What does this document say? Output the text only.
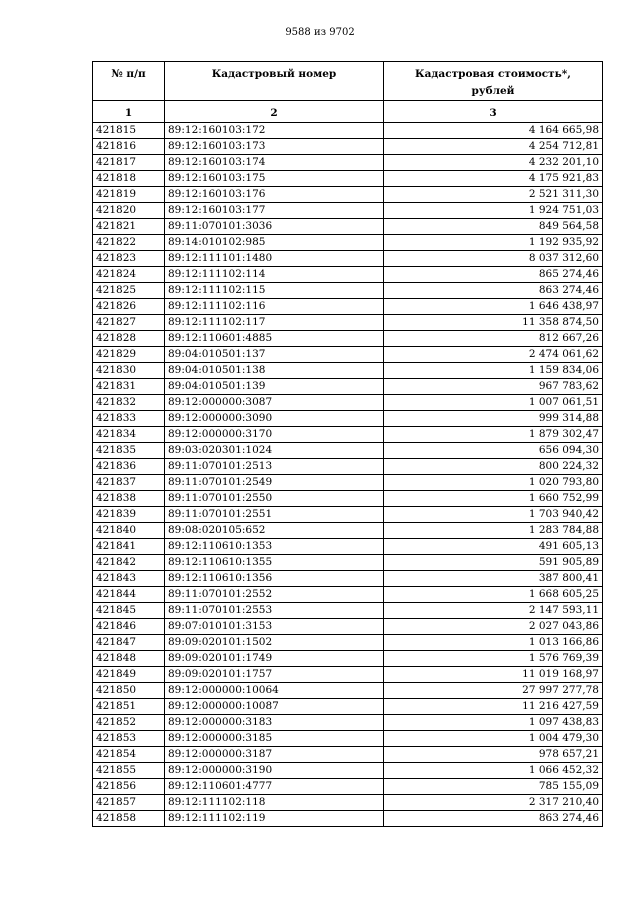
9588 из 9702
№ п/п	Кадастровый номер	Кадастровая стоимость*,
рублей
1	2	3
421815	89:12:160103:172	4 164 665,98
421816	89:12:160103:173	4 254 712,81
421817	89:12:160103:174	4 232 201,10
421818	89:12:160103:175	4 175 921,83
421819	89:12:160103:176	2 521 311,30
421820	89:12:160103:177	1 924 751,03
421821	89:11:070101:3036	849 564,58
421822	89:14:010102:985	1 192 935,92
421823	89:12:111101:1480	8 037 312,60
421824	89:12:111102:114	865 274,46
421825	89:12:111102:115	863 274,46
421826	89:12:111102:116	1 646 438,97
421827	89:12:111102:117	11 358 874,50
421828	89:12:110601:4885	812 667,26
421829	89:04:010501:137	2 474 061,62
421830	89:04:010501:138	1 159 834,06
421831	89:04:010501:139	967 783,62
421832	89:12:000000:3087	1 007 061,51
421833	89:12:000000:3090	999 314,88
421834	89:12:000000:3170	1 879 302,47
421835	89:03:020301:1024	656 094,30
421836	89:11:070101:2513	800 224,32
421837	89:11:070101:2549	1 020 793,80
421838	89:11:070101:2550	1 660 752,99
421839	89:11:070101:2551	1 703 940,42
421840	89:08:020105:652	1 283 784,88
421841	89:12:110610:1353	491 605,13
421842	89:12:110610:1355	591 905,89
421843	89:12:110610:1356	387 800,41
421844	89:11:070101:2552	1 668 605,25
421845	89:11:070101:2553	2 147 593,11
421846	89:07:010101:3153	2 027 043,86
421847	89:09:020101:1502	1 013 166,86
421848	89:09:020101:1749	1 576 769,39
421849	89:09:020101:1757	11 019 168,97
421850	89:12:000000:10064	27 997 277,78
421851	89:12:000000:10087	11 216 427,59
421852	89:12:000000:3183	1 097 438,83
421853	89:12:000000:3185	1 004 479,30
421854	89:12:000000:3187	978 657,21
421855	89:12:000000:3190	1 066 452,32
421856	89:12:110601:4777	785 155,09
421857	89:12:111102:118	2 317 210,40
421858	89:12:111102:119	863 274,46
